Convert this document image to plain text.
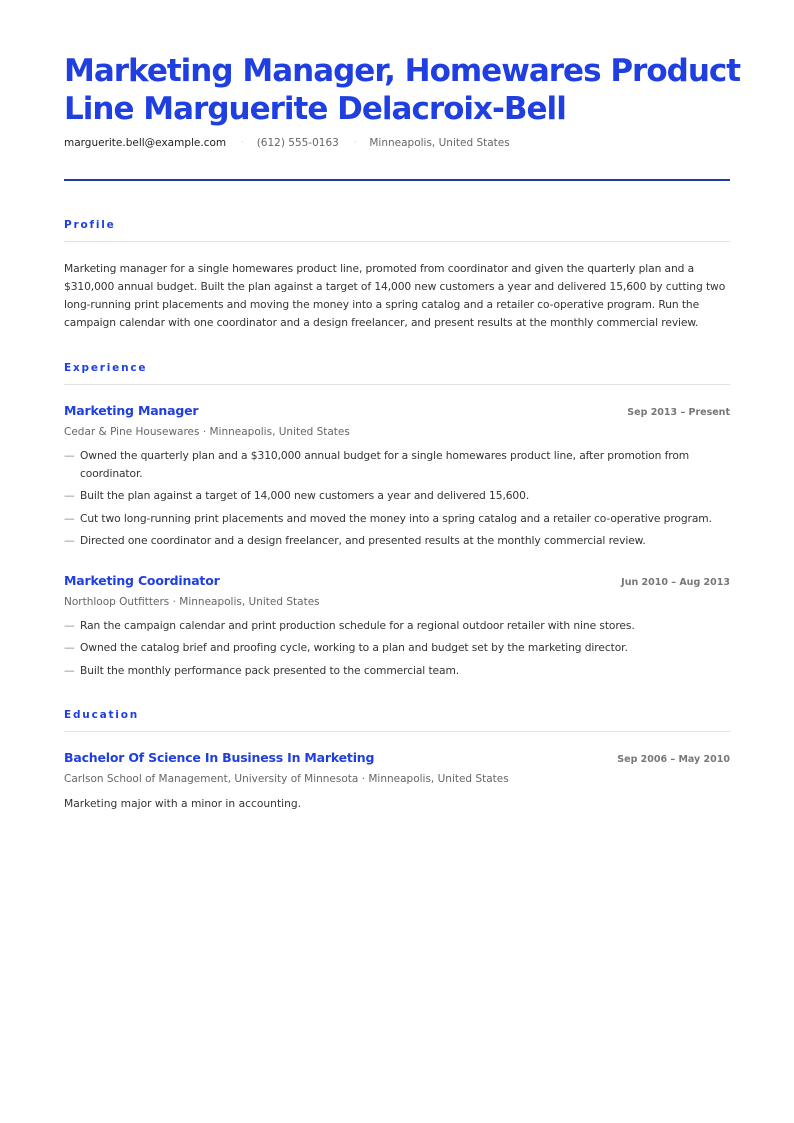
Marketing Manager, Homewares Product Line Marguerite Delacroix-Bell
marguerite.bell@example.com · (612) 555-0163 · Minneapolis, United States
Profile
Marketing manager for a single homewares product line, promoted from coordinator and given the quarterly plan and a $310,000 annual budget. Built the plan against a target of 14,000 new customers a year and delivered 15,600 by cutting two long-running print placements and moving the money into a spring catalog and a retailer co-operative program. Run the campaign calendar with one coordinator and a design freelancer, and present results at the monthly commercial review.
Experience
Marketing Manager	Sep 2013 – Present
Cedar & Pine Housewares · Minneapolis, United States
— Owned the quarterly plan and a $310,000 annual budget for a single homewares product line, after promotion from coordinator.
— Built the plan against a target of 14,000 new customers a year and delivered 15,600.
— Cut two long-running print placements and moved the money into a spring catalog and a retailer co-operative program.
— Directed one coordinator and a design freelancer, and presented results at the monthly commercial review.
Marketing Coordinator	Jun 2010 – Aug 2013
Northloop Outfitters · Minneapolis, United States
— Ran the campaign calendar and print production schedule for a regional outdoor retailer with nine stores.
— Owned the catalog brief and proofing cycle, working to a plan and budget set by the marketing director.
— Built the monthly performance pack presented to the commercial team.
Education
Bachelor Of Science In Business In Marketing	Sep 2006 – May 2010
Carlson School of Management, University of Minnesota · Minneapolis, United States
Marketing major with a minor in accounting.
